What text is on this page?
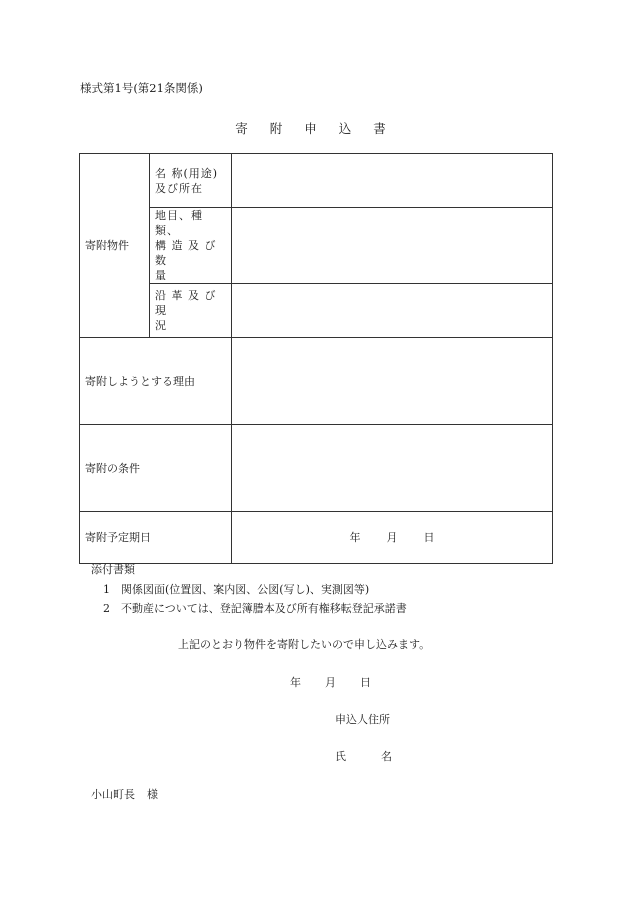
様式第1号(第21条関係)
寄 附 申 込 書
寄附物件	名 称(用途)
及び所在	

	地目、種類、
構 造 及 び 数
量	

	沿 革 及 び 現
況	

寄附しようとする理由		
寄附の条件		
寄附予定期日		年 月 日
添付書類
1 関係図面(位置図、案内図、公図(写し)、実測図等)
2 不動産については、登記簿謄本及び所有権移転登記承諾書
上記のとおり物件を寄附したいので申し込みます。
年 月 日
申込人住所
氏	名
小山町長 様
